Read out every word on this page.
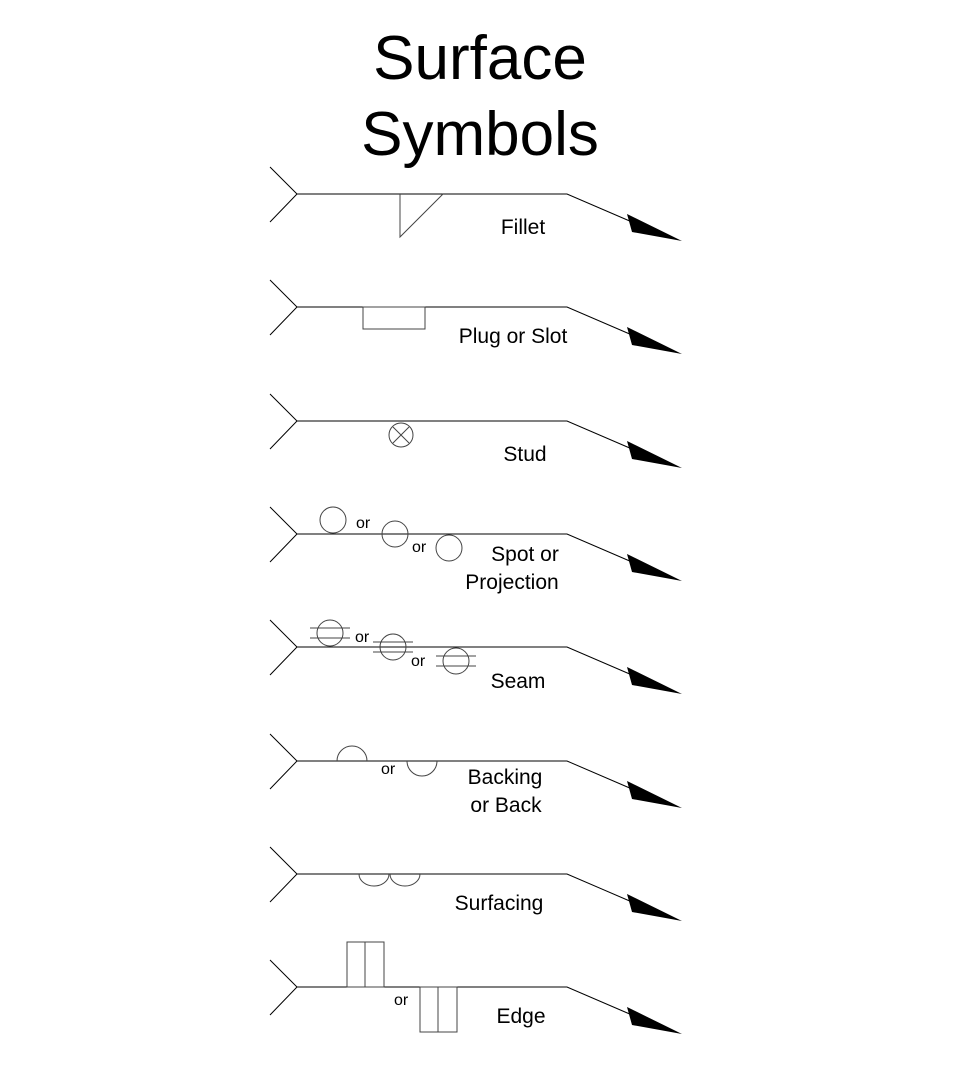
Surface
Symbols
Fillet
Plug or Slot
Stud
or
or	Spot or
Projection
or
or
Seam
or	Backing
or Back
Surfacing
or
Edge
